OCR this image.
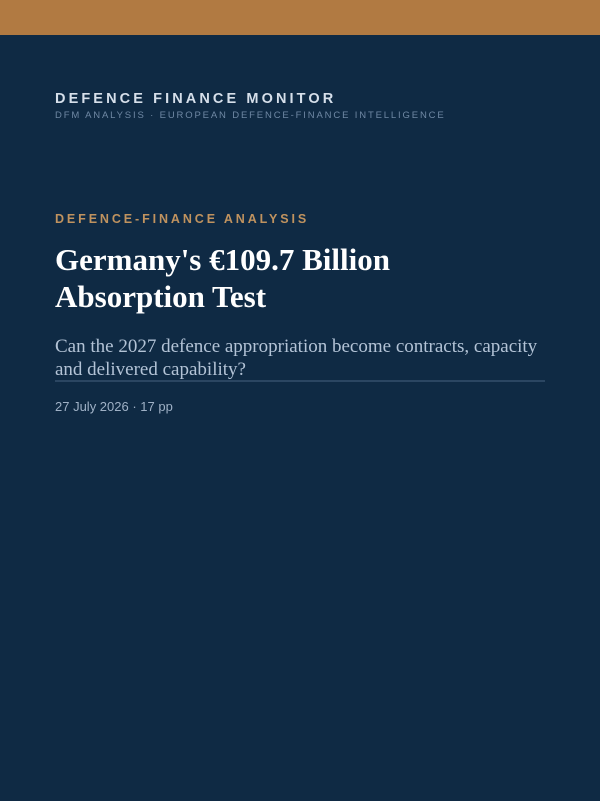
DEFENCE FINANCE MONITOR
DFM ANALYSIS · EUROPEAN DEFENCE-FINANCE INTELLIGENCE
DEFENCE-FINANCE ANALYSIS
Germany's €109.7 Billion Absorption Test
Can the 2027 defence appropriation become contracts, capacity and delivered capability?
27 July 2026 · 17 pp
